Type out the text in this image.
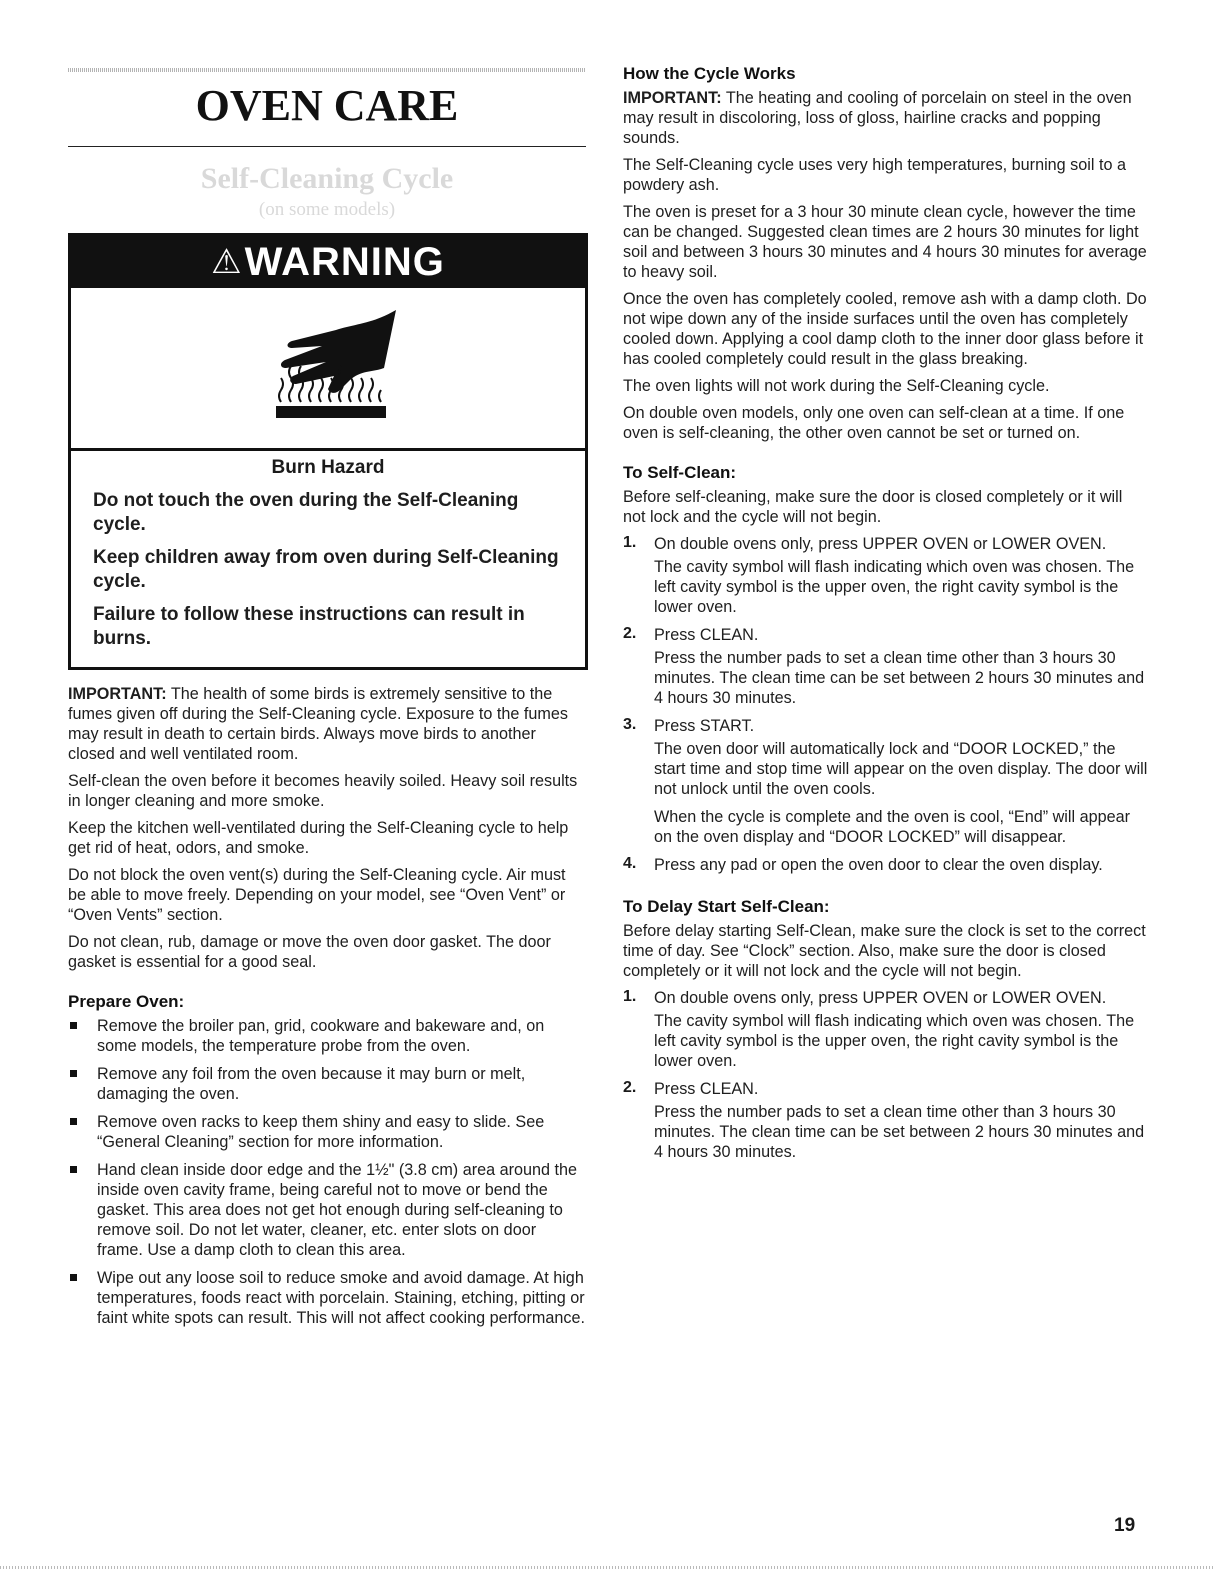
OVEN CARE
Self-Cleaning Cycle
(on some models)
⚠ WARNING
Burn Hazard

Do not touch the oven during the Self-Cleaning cycle.

Keep children away from oven during Self-Cleaning cycle.

Failure to follow these instructions can result in burns.

IMPORTANT: The health of some birds is extremely sensitive to the fumes given off during the Self-Cleaning cycle. Exposure to the fumes may result in death to certain birds. Always move birds to another closed and well ventilated room.

Self-clean the oven before it becomes heavily soiled. Heavy soil results in longer cleaning and more smoke.

Keep the kitchen well-ventilated during the Self-Cleaning cycle to help get rid of heat, odors, and smoke.

Do not block the oven vent(s) during the Self-Cleaning cycle. Air must be able to move freely. Depending on your model, see “Oven Vent” or “Oven Vents” section.

Do not clean, rub, damage or move the oven door gasket. The door gasket is essential for a good seal.

Prepare Oven:

Remove the broiler pan, grid, cookware and bakeware and, on some models, the temperature probe from the oven.

Remove any foil from the oven because it may burn or melt, damaging the oven.

Remove oven racks to keep them shiny and easy to slide. See “General Cleaning” section for more information.

Hand clean inside door edge and the 1½" (3.8 cm) area around the inside oven cavity frame, being careful not to move or bend the gasket. This area does not get hot enough during self-cleaning to remove soil. Do not let water, cleaner, etc. enter slots on door frame. Use a damp cloth to clean this area.

Wipe out any loose soil to reduce smoke and avoid damage. At high temperatures, foods react with porcelain. Staining, etching, pitting or faint white spots can result. This will not affect cooking performance.

How the Cycle Works

IMPORTANT: The heating and cooling of porcelain on steel in the oven may result in discoloring, loss of gloss, hairline cracks and popping sounds.

The Self-Cleaning cycle uses very high temperatures, burning soil to a powdery ash.

The oven is preset for a 3 hour 30 minute clean cycle, however the time can be changed. Suggested clean times are 2 hours 30 minutes for light soil and between 3 hours 30 minutes and 4 hours 30 minutes for average to heavy soil.

Once the oven has completely cooled, remove ash with a damp cloth. Do not wipe down any of the inside surfaces until the oven has completely cooled down. Applying a cool damp cloth to the inner door glass before it has cooled completely could result in the glass breaking.

The oven lights will not work during the Self-Cleaning cycle.

On double oven models, only one oven can self-clean at a time. If one oven is self-cleaning, the other oven cannot be set or turned on.

To Self-Clean:

Before self-cleaning, make sure the door is closed completely or it will not lock and the cycle will not begin.

1. On double ovens only, press UPPER OVEN or LOWER OVEN.

The cavity symbol will flash indicating which oven was chosen. The left cavity symbol is the upper oven, the right cavity symbol is the lower oven.

2. Press CLEAN.

Press the number pads to set a clean time other than 3 hours 30 minutes. The clean time can be set between 2 hours 30 minutes and 4 hours 30 minutes.

3. Press START.

The oven door will automatically lock and “DOOR LOCKED,” the start time and stop time will appear on the oven display. The door will not unlock until the oven cools.

When the cycle is complete and the oven is cool, “End” will appear on the oven display and “DOOR LOCKED” will disappear.

4. Press any pad or open the oven door to clear the oven display.

To Delay Start Self-Clean:

Before delay starting Self-Clean, make sure the clock is set to the correct time of day. See “Clock” section. Also, make sure the door is closed completely or it will not lock and the cycle will not begin.

1. On double ovens only, press UPPER OVEN or LOWER OVEN.

The cavity symbol will flash indicating which oven was chosen. The left cavity symbol is the upper oven, the right cavity symbol is the lower oven.

2. Press CLEAN.

Press the number pads to set a clean time other than 3 hours 30 minutes. The clean time can be set between 2 hours 30 minutes and 4 hours 30 minutes.

19
